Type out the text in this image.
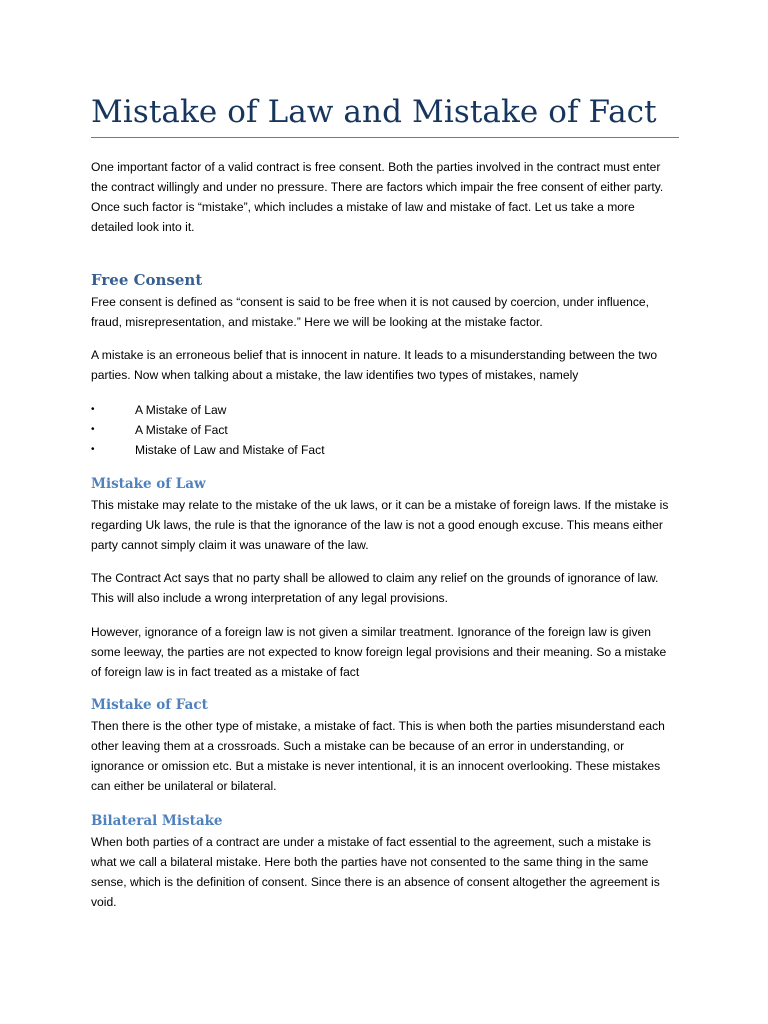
Mistake of Law and Mistake of Fact

One important factor of a valid contract is free consent. Both the parties involved in the contract must enter the contract willingly and under no pressure. There are factors which impair the free consent of either party. Once such factor is “mistake”, which includes a mistake of law and mistake of fact. Let us take a more detailed look into it.

Free Consent

Free consent is defined as “consent is said to be free when it is not caused by coercion, under influence, fraud, misrepresentation, and mistake.” Here we will be looking at the mistake factor.

A mistake is an erroneous belief that is innocent in nature. It leads to a misunderstanding between the two parties. Now when talking about a mistake, the law identifies two types of mistakes, namely

•	A Mistake of Law
•	A Mistake of Fact
•	Mistake of Law and Mistake of Fact
Mistake of Law

This mistake may relate to the mistake of the uk laws, or it can be a mistake of foreign laws. If the mistake is regarding Uk laws, the rule is that the ignorance of the law is not a good enough excuse. This means either party cannot simply claim it was unaware of the law.

The Contract Act says that no party shall be allowed to claim any relief on the grounds of ignorance of law. This will also include a wrong interpretation of any legal provisions.

However, ignorance of a foreign law is not given a similar treatment. Ignorance of the foreign law is given some leeway, the parties are not expected to know foreign legal provisions and their meaning. So a mistake of foreign law is in fact treated as a mistake of fact

Mistake of Fact

Then there is the other type of mistake, a mistake of fact. This is when both the parties misunderstand each other leaving them at a crossroads. Such a mistake can be because of an error in understanding, or ignorance or omission etc. But a mistake is never intentional, it is an innocent overlooking. These mistakes can either be unilateral or bilateral.

Bilateral Mistake

When both parties of a contract are under a mistake of fact essential to the agreement, such a mistake is what we call a bilateral mistake. Here both the parties have not consented to the same thing in the same sense, which is the definition of consent. Since there is an absence of consent altogether the agreement is void.
